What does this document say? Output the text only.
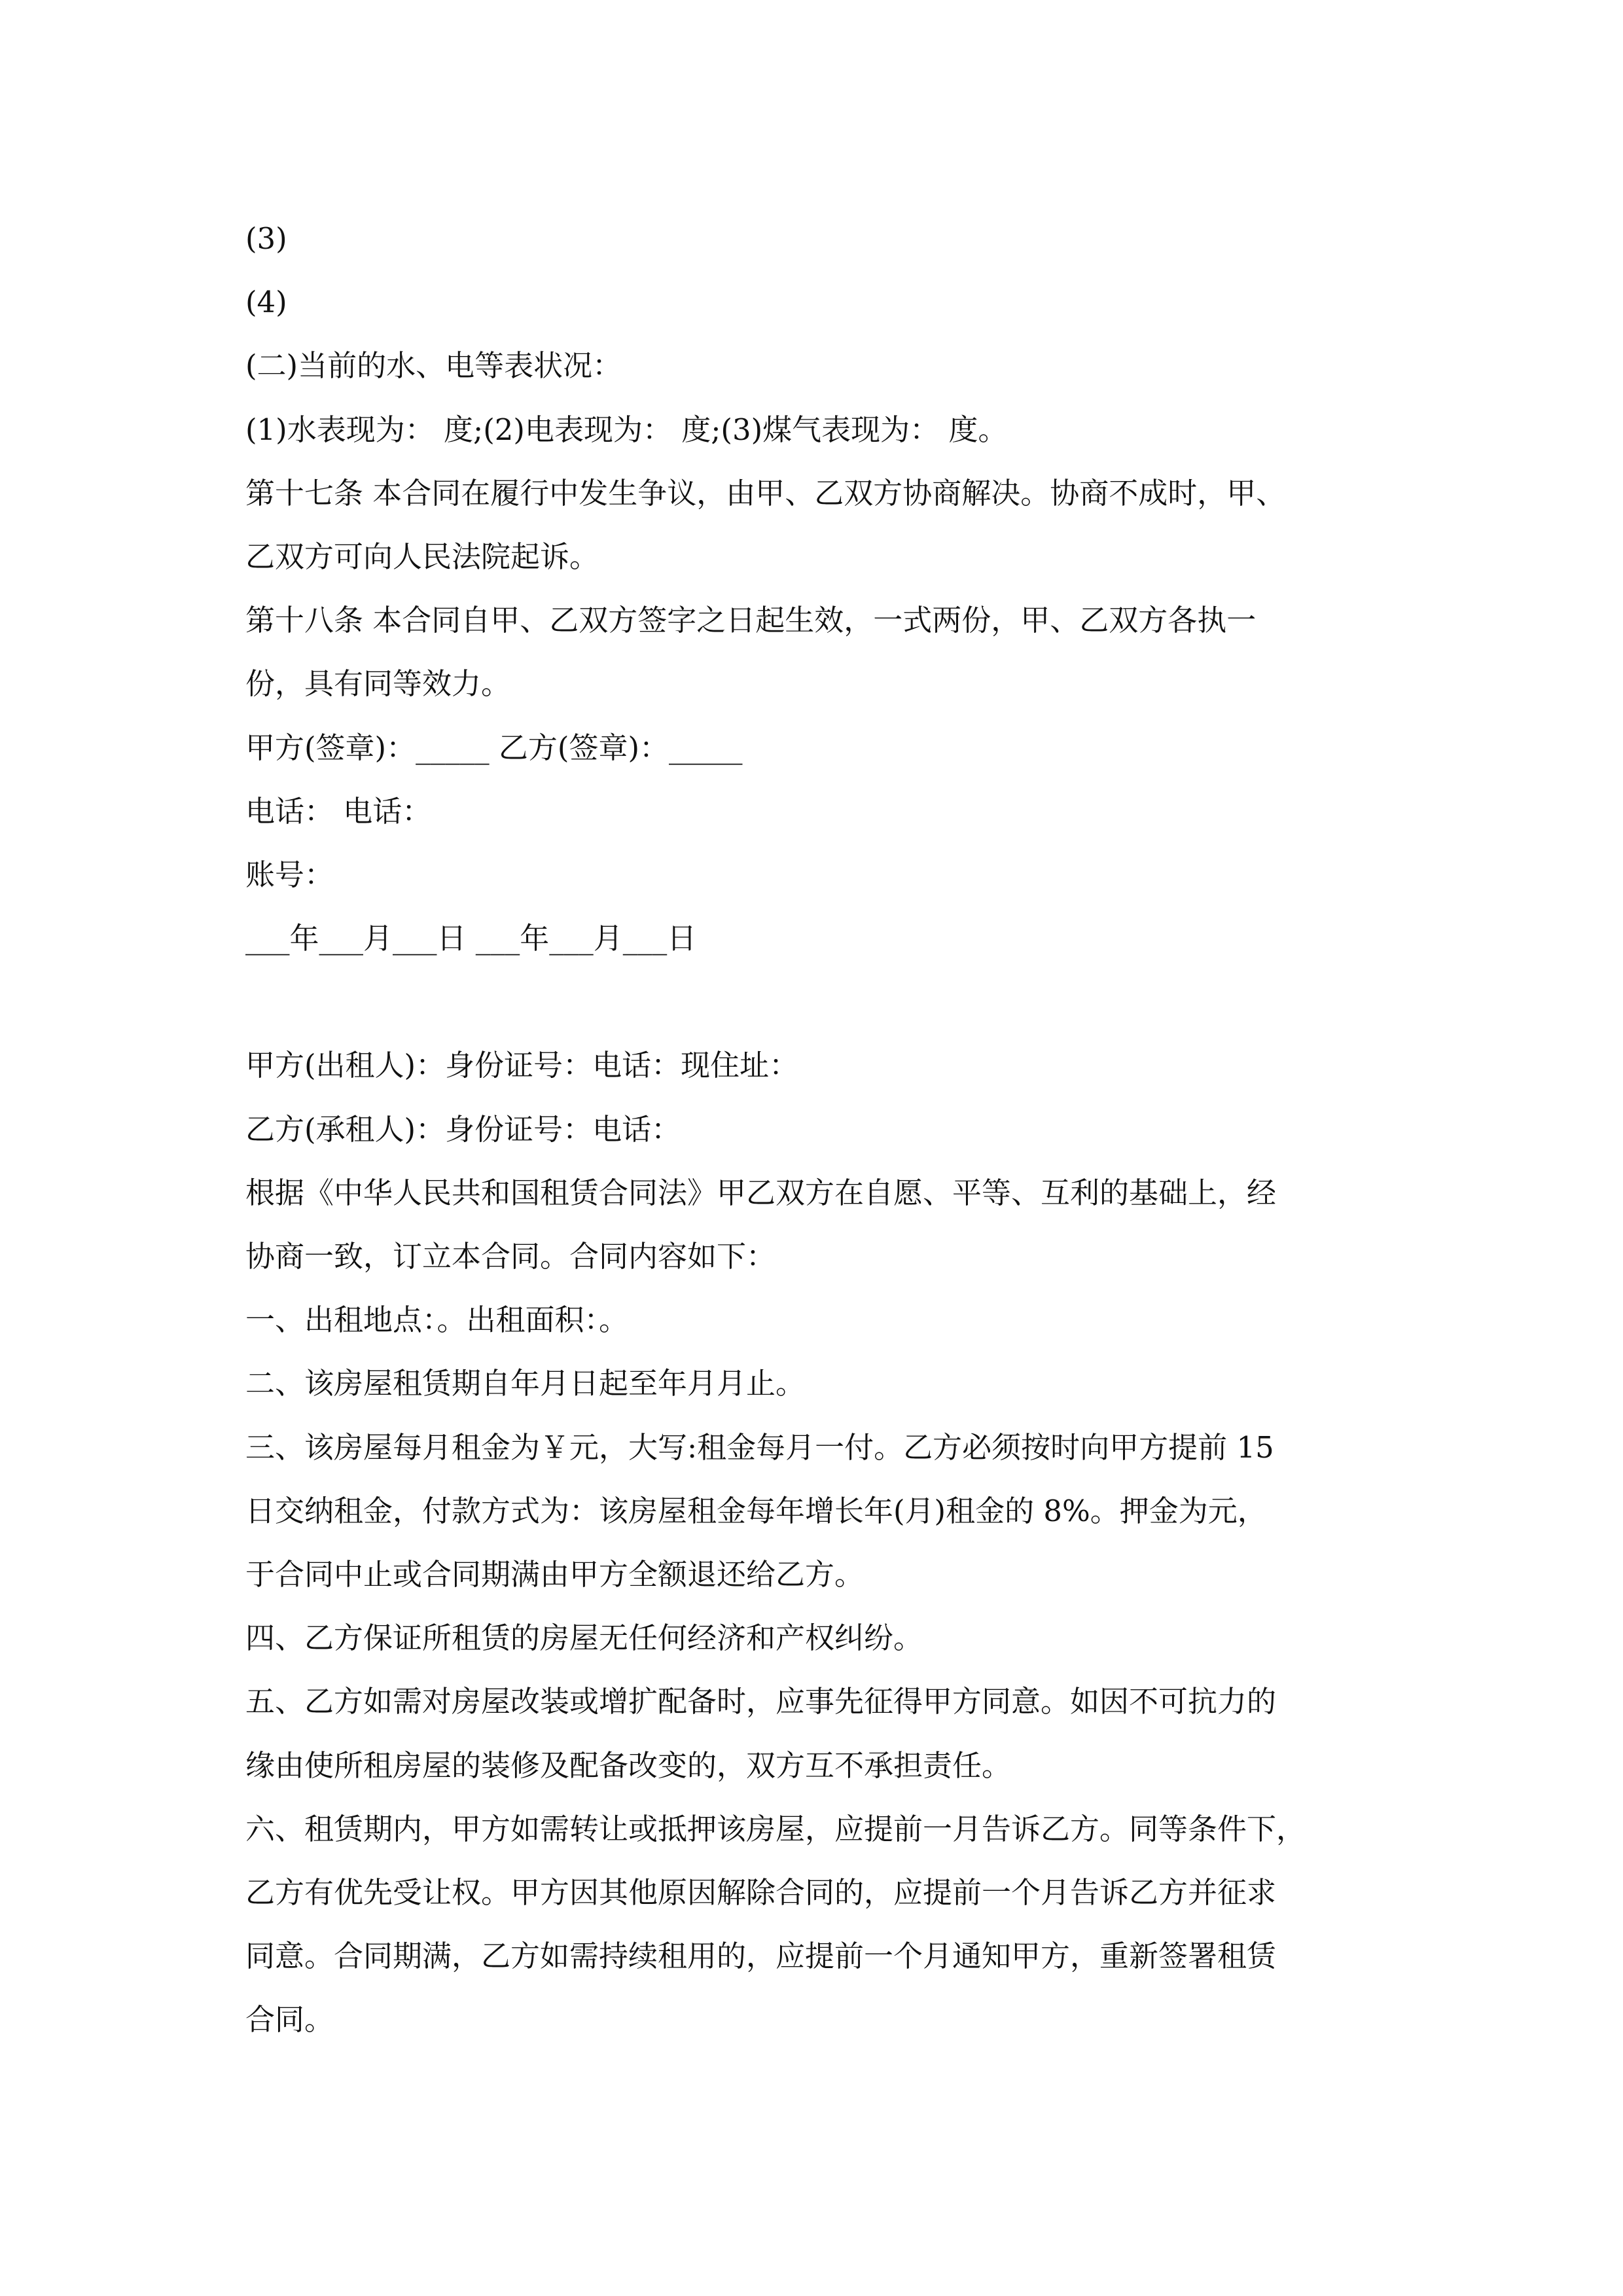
(3)
(4)
(二)当前的水、电等表状况：
(1)水表现为： 度;(2)电表现为： 度;(3)煤气表现为： 度。
第十七条 本合同在履行中发生争议，由甲、乙双方协商解决。协商不成时，甲、
乙双方可向人民法院起诉。
第十八条 本合同自甲、乙双方签字之日起生效，一式两份，甲、乙双方各执一
份，具有同等效力。
甲方(签章)：_____ 乙方(签章)：_____
电话： 电话：
账号：
___年___月___日 ___年___月___日
甲方(出租人)：身份证号：电话：现住址：
乙方(承租人)：身份证号：电话：
根据《中华人民共和国租赁合同法》甲乙双方在自愿、平等、互利的基础上，经
协商一致，订立本合同。合同内容如下：
一、出租地点：。出租面积：。
二、该房屋租赁期自年月日起至年月月止。
三、该房屋每月租金为￥元，大写:租金每月一付。乙方必须按时向甲方提前 15
日交纳租金，付款方式为：该房屋租金每年增长年(月)租金的 8%。押金为元，
于合同中止或合同期满由甲方全额退还给乙方。
四、乙方保证所租赁的房屋无任何经济和产权纠纷。
五、乙方如需对房屋改装或增扩配备时，应事先征得甲方同意。如因不可抗力的
缘由使所租房屋的装修及配备改变的，双方互不承担责任。
六、租赁期内，甲方如需转让或抵押该房屋，应提前一月告诉乙方。同等条件下，
乙方有优先受让权。甲方因其他原因解除合同的，应提前一个月告诉乙方并征求
同意。合同期满，乙方如需持续租用的，应提前一个月通知甲方，重新签署租赁
合同。
